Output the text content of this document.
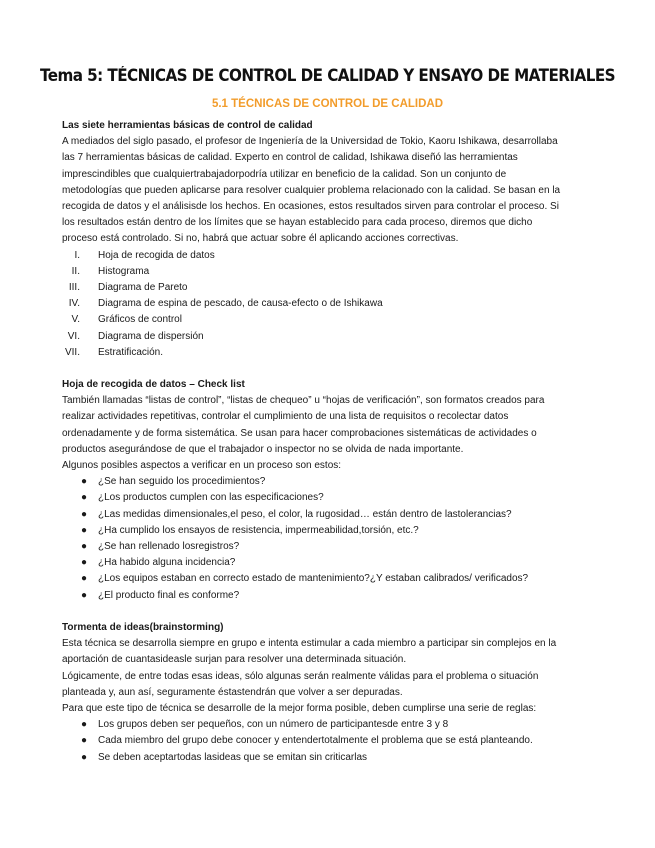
Tema 5: TÉCNICAS DE CONTROL DE CALIDAD Y ENSAYO DE MATERIALES
5.1 TÉCNICAS DE CONTROL DE CALIDAD

Las siete herramientas básicas de control de calidad

A mediados del siglo pasado, el profesor de Ingeniería de la Universidad de Tokio, Kaoru Ishikawa, desarrollaba
las 7 herramientas básicas de calidad. Experto en control de calidad, Ishikawa diseñó las herramientas
imprescindibles que cualquiertrabajadorpodría utilizar en beneficio de la calidad. Son un conjunto de
metodologías que pueden aplicarse para resolver cualquier problema relacionado con la calidad. Se basan en la
recogida de datos y el análisisde los hechos. En ocasiones, estos resultados sirven para controlar el proceso. Si
los resultados están dentro de los límites que se hayan establecido para cada proceso, diremos que dicho
proceso está controlado. Si no, habrá que actuar sobre él aplicando acciones correctivas.
I. Hoja de recogida de datos
II. Histograma
III. Diagrama de Pareto
IV. Diagrama de espina de pescado, de causa-efecto o de Ishikawa
V. Gráficos de control
VI. Diagrama de dispersión
VII. Estratificación.

Hoja de recogida de datos – Check list

También llamadas “listas de control”, “listas de chequeo” u “hojas de verificación”, son formatos creados para
realizar actividades repetitivas, controlar el cumplimiento de una lista de requisitos o recolectar datos
ordenadamente y de forma sistemática. Se usan para hacer comprobaciones sistemáticas de actividades o
productos asegurándose de que el trabajador o inspector no se olvida de nada importante.
Algunos posibles aspectos a verificar en un proceso son estos:
● ¿Se han seguido los procedimientos?
● ¿Los productos cumplen con las especificaciones?
● ¿Las medidas dimensionales,el peso, el color, la rugosidad… están dentro de lastolerancias?
● ¿Ha cumplido los ensayos de resistencia, impermeabilidad,torsión, etc.?
● ¿Se han rellenado losregistros?
● ¿Ha habido alguna incidencia?
● ¿Los equipos estaban en correcto estado de mantenimiento?¿Y estaban calibrados/ verificados?
● ¿El producto final es conforme?

Tormenta de ideas(brainstorming)

Esta técnica se desarrolla siempre en grupo e intenta estimular a cada miembro a participar sin complejos en la
aportación de cuantasideasle surjan para resolver una determinada situación.
Lógicamente, de entre todas esas ideas, sólo algunas serán realmente válidas para el problema o situación
planteada y, aun así, seguramente éstastendrán que volver a ser depuradas.
Para que este tipo de técnica se desarrolle de la mejor forma posible, deben cumplirse una serie de reglas:
● Los grupos deben ser pequeños, con un número de participantesde entre 3 y 8
● Cada miembro del grupo debe conocer y entendertotalmente el problema que se está planteando.
● Se deben aceptartodas lasideas que se emitan sin criticarlas
